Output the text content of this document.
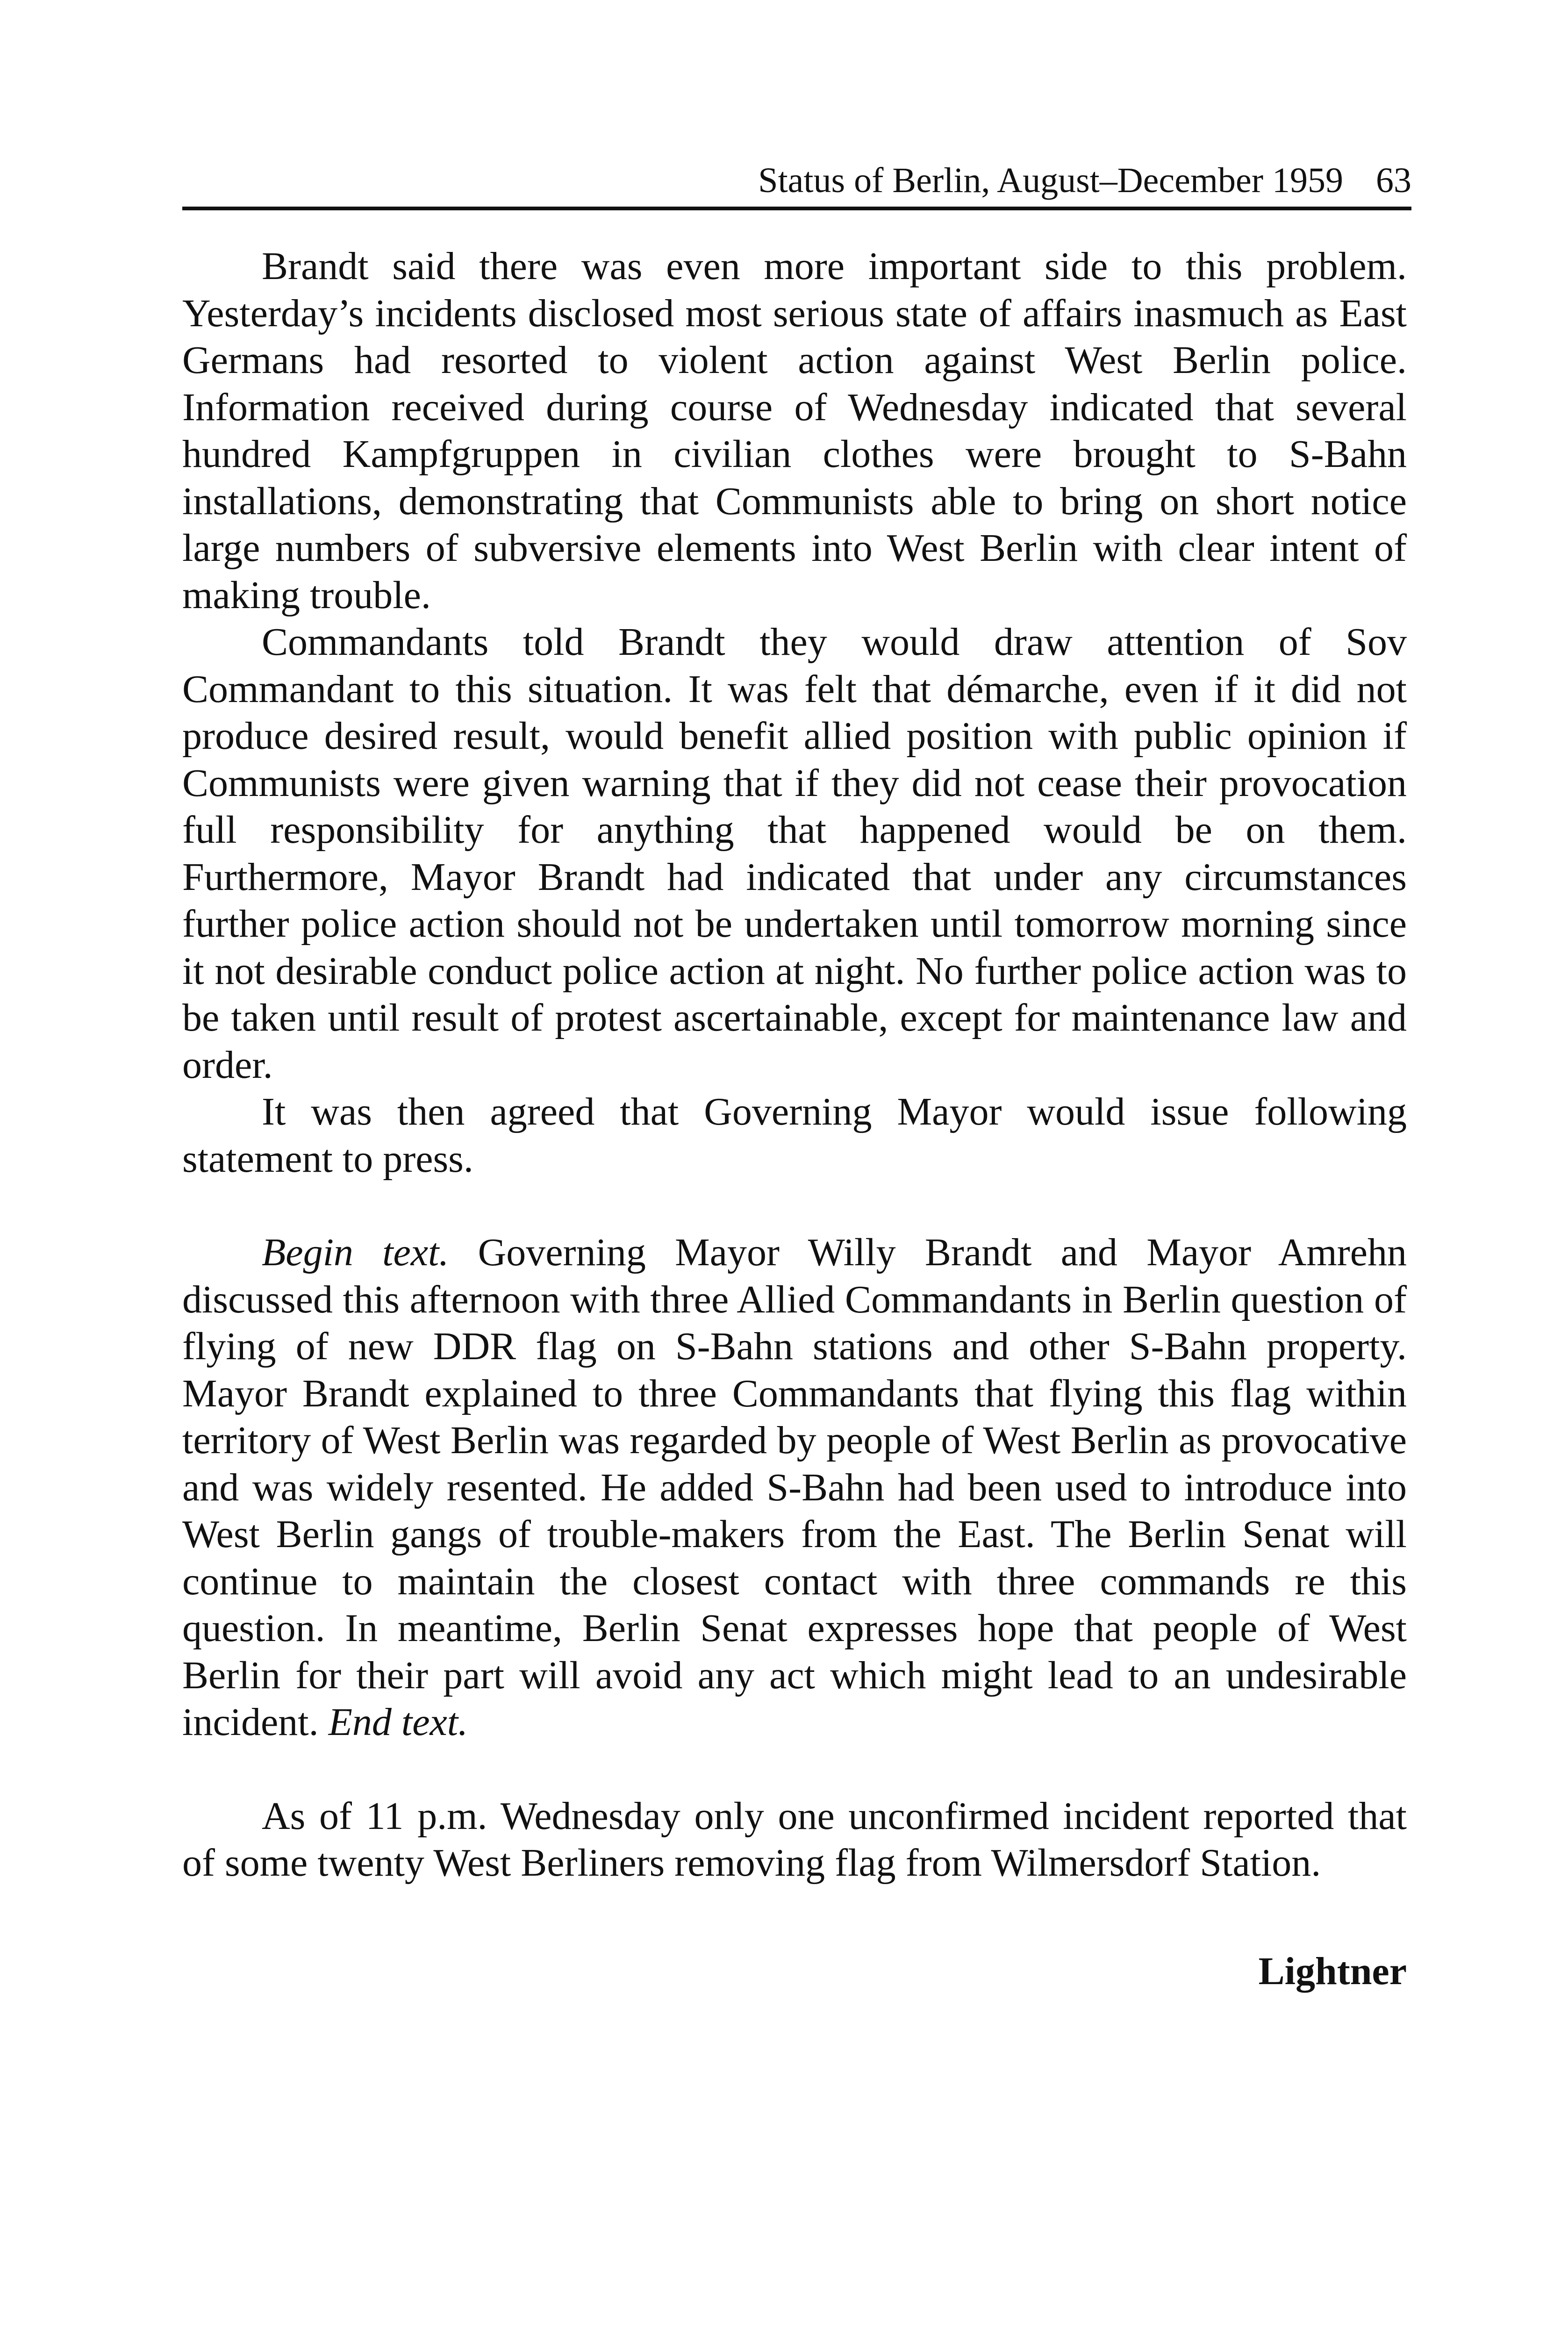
Status of Berlin, August–December 1959 63

Brandt said there was even more important side to this problem. Yesterday’s incidents disclosed most serious state of affairs inasmuch as East Germans had resorted to violent action against West Berlin police. Information received during course of Wednesday indicated that several hundred Kampfgruppen in civilian clothes were brought to S-Bahn installations, demonstrating that Communists able to bring on short notice large numbers of subversive elements into West Berlin with clear intent of making trouble.

Commandants told Brandt they would draw attention of Sov Commandant to this situation. It was felt that démarche, even if it did not produce desired result, would benefit allied position with public opinion if Communists were given warning that if they did not cease their provocation full responsibility for anything that happened would be on them. Furthermore, Mayor Brandt had indicated that under any circumstances further police action should not be undertaken until tomorrow morning since it not desirable conduct police action at night. No further police action was to be taken until result of protest ascertainable, except for maintenance law and order.

It was then agreed that Governing Mayor would issue following statement to press.

Begin text. Governing Mayor Willy Brandt and Mayor Amrehn discussed this afternoon with three Allied Commandants in Berlin question of flying of new DDR flag on S-Bahn stations and other S-Bahn property. Mayor Brandt explained to three Commandants that flying this flag within territory of West Berlin was regarded by people of West Berlin as provocative and was widely resented. He added S-Bahn had been used to introduce into West Berlin gangs of trouble-makers from the East. The Berlin Senat will continue to maintain the closest contact with three commands re this question. In meantime, Berlin Senat expresses hope that people of West Berlin for their part will avoid any act which might lead to an undesirable incident. End text.

As of 11 p.m. Wednesday only one unconfirmed incident reported that of some twenty West Berliners removing flag from Wilmersdorf Station.

Lightner
